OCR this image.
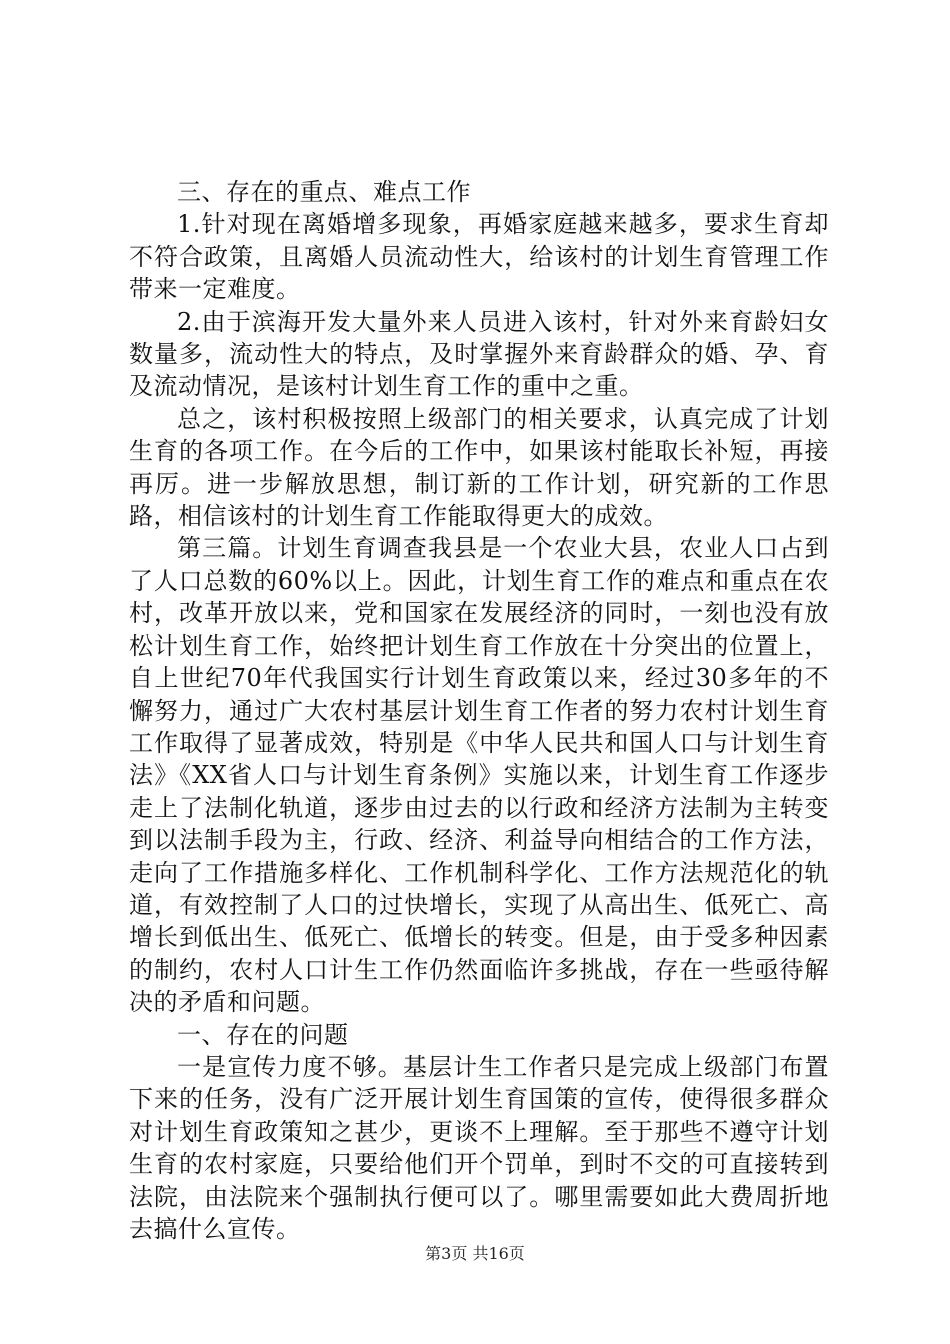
三、存在的重点、难点工作

1.针对现在离婚增多现象，再婚家庭越来越多，要求生育却不符合政策，且离婚人员流动性大，给该村的计划生育管理工作带来一定难度。

2.由于滨海开发大量外来人员进入该村，针对外来育龄妇女数量多，流动性大的特点，及时掌握外来育龄群众的婚、孕、育及流动情况，是该村计划生育工作的重中之重。

总之，该村积极按照上级部门的相关要求，认真完成了计划生育的各项工作。在今后的工作中，如果该村能取长补短，再接再厉。进一步解放思想，制订新的工作计划，研究新的工作思路，相信该村的计划生育工作能取得更大的成效。

第三篇。计划生育调查我县是一个农业大县，农业人口占到了人口总数的60%以上。因此，计划生育工作的难点和重点在农村，改革开放以来，党和国家在发展经济的同时，一刻也没有放松计划生育工作，始终把计划生育工作放在十分突出的位置上，自上世纪70年代我国实行计划生育政策以来，经过30多年的不懈努力，通过广大农村基层计划生育工作者的努力农村计划生育工作取得了显著成效，特别是《中华人民共和国人口与计划生育法》《XX省人口与计划生育条例》实施以来，计划生育工作逐步走上了法制化轨道，逐步由过去的以行政和经济方法制为主转变到以法制手段为主，行政、经济、利益导向相结合的工作方法，走向了工作措施多样化、工作机制科学化、工作方法规范化的轨道，有效控制了人口的过快增长，实现了从高出生、低死亡、高增长到低出生、低死亡、低增长的转变。但是，由于受多种因素的制约，农村人口计生工作仍然面临许多挑战，存在一些亟待解决的矛盾和问题。

一、存在的问题

一是宣传力度不够。基层计生工作者只是完成上级部门布置下来的任务，没有广泛开展计划生育国策的宣传，使得很多群众对计划生育政策知之甚少，更谈不上理解。至于那些不遵守计划生育的农村家庭，只要给他们开个罚单，到时不交的可直接转到法院，由法院来个强制执行便可以了。哪里需要如此大费周折地去搞什么宣传。

第3页 共16页
